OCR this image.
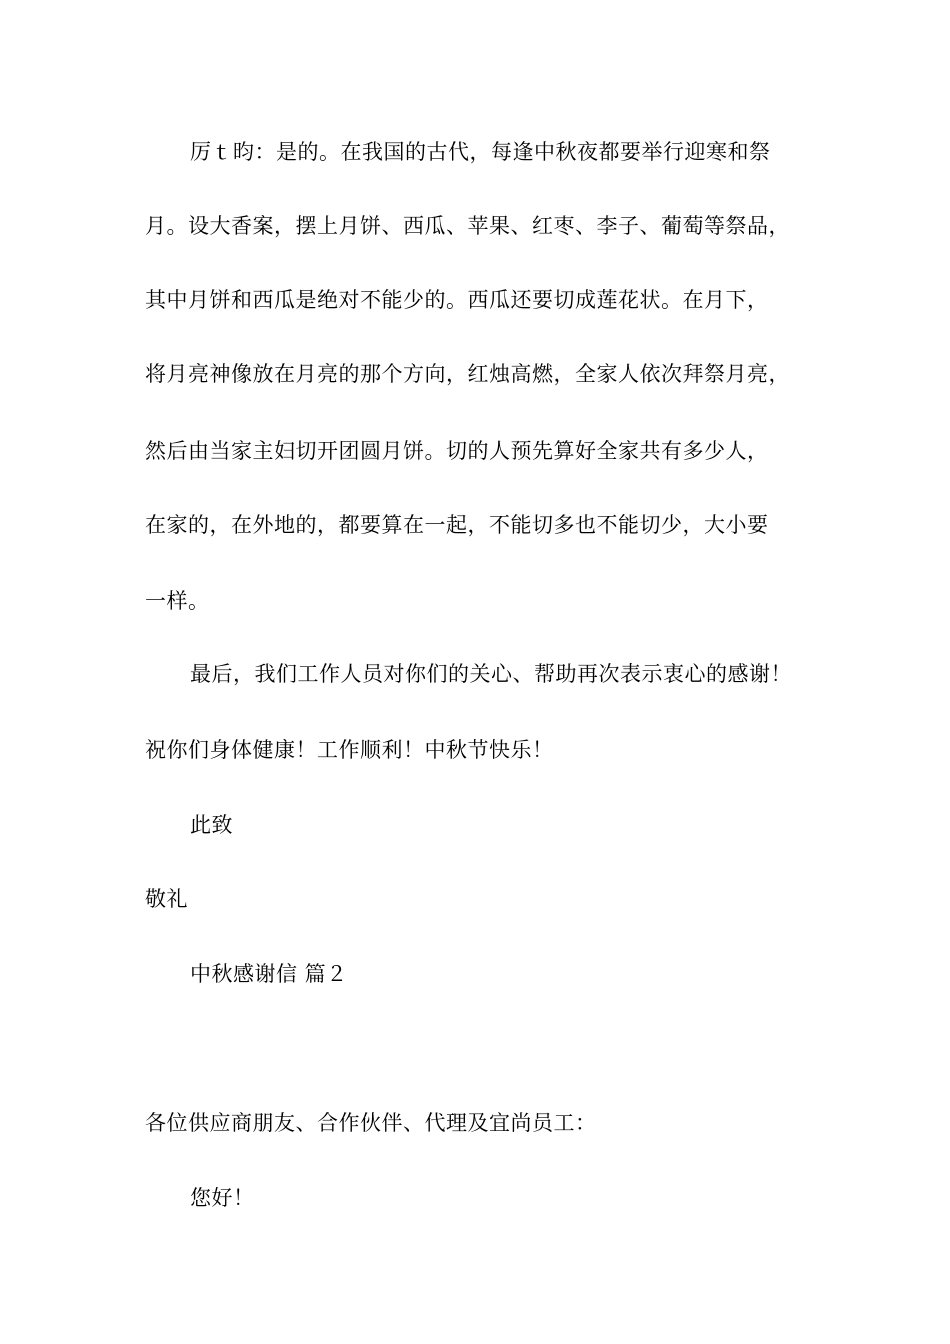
厉ｔ昀：是的。在我国的古代，每逢中秋夜都要举行迎寒和祭
月。设大香案，摆上月饼、西瓜、苹果、红枣、李子、葡萄等祭品，
其中月饼和西瓜是绝对不能少的。西瓜还要切成莲花状。在月下，
将月亮神像放在月亮的那个方向，红烛高燃，全家人依次拜祭月亮，
然后由当家主妇切开团圆月饼。切的人预先算好全家共有多少人，
在家的，在外地的，都要算在一起，不能切多也不能切少，大小要
一样。
最后，我们工作人员对你们的关心、帮助再次表示衷心的感谢！
祝你们身体健康！工作顺利！中秋节快乐！
此致
敬礼
中秋感谢信 篇２
各位供应商朋友、合作伙伴、代理及宜尚员工：
您好！
